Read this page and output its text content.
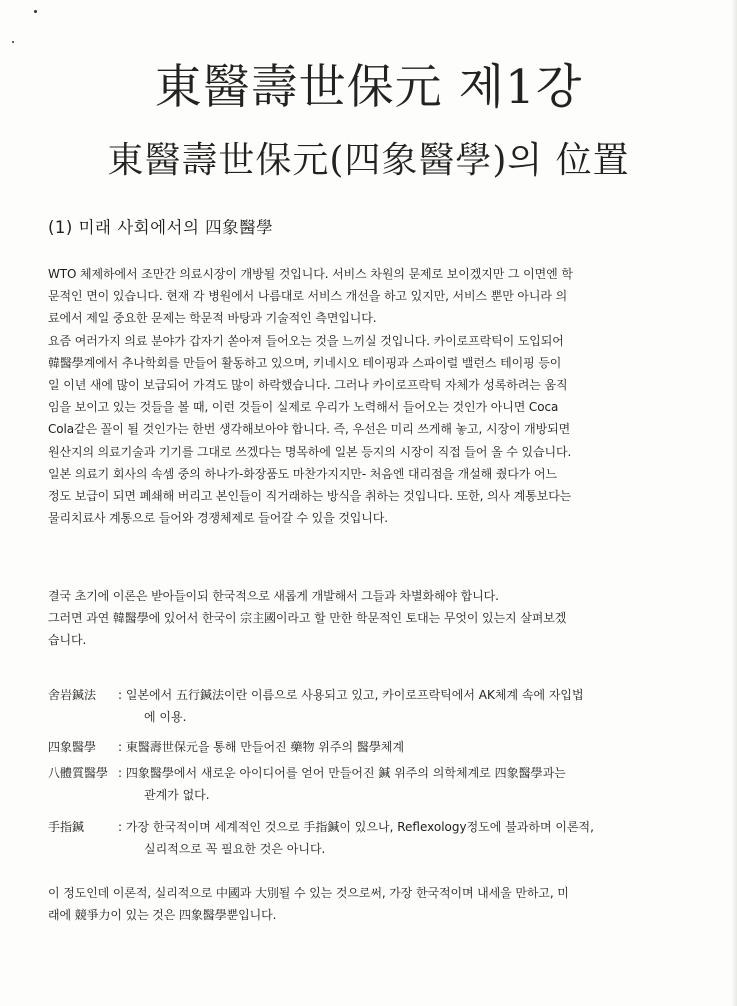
東醫壽世保元 제1강
東醫壽世保元(四象醫學)의 位置
(1) 미래 사회에서의 四象醫學
WTO 체제하에서 조만간 의료시장이 개방될 것입니다. 서비스 차원의 문제로 보이겠지만 그 이면엔 학
문적인 면이 있습니다. 현재 각 병원에서 나름대로 서비스 개선을 하고 있지만, 서비스 뿐만 아니라 의
료에서 제일 중요한 문제는 학문적 바탕과 기술적인 측면입니다.
요즘 여러가지 의료 분야가 갑자기 쏟아져 들어오는 것을 느끼실 것입니다. 카이로프락틱이 도입되어
韓醫學계에서 추나학회를 만들어 활동하고 있으며, 키네시오 테이핑과 스파이럴 밸런스 테이핑 등이
일 이년 새에 많이 보급되어 가격도 많이 하락했습니다. 그러나 카이로프락틱 자체가 성록하려는 움직
임을 보이고 있는 것들을 볼 때, 이런 것들이 실제로 우리가 노력해서 들어오는 것인가 아니면 Coca
Cola같은 꼴이 될 것인가는 한번 생각해보아야 합니다. 즉, 우선은 미리 쓰게해 놓고, 시장이 개방되면
원산지의 의료기술과 기기를 그대로 쓰겠다는 명목하에 일본 등지의 시장이 직접 들어 올 수 있습니다.
일본 의료기 회사의 속셈 중의 하나가-화장품도 마찬가지지만- 처음엔 대리점을 개설해 줬다가 어느
정도 보급이 되면 폐쇄해 버리고 본인들이 직거래하는 방식을 취하는 것입니다. 또한, 의사 계통보다는
물리치료사 계통으로 들어와 경쟁체제로 들어갈 수 있을 것입니다.
결국 초기에 이론은 받아들이되 한국적으로 새롭게 개발해서 그들과 차별화해야 합니다.
그러면 과연 韓醫學에 있어서 한국이 宗主國이라고 할 만한 학문적인 토대는 무엇이 있는지 살펴보겠
습니다.
舍岩鍼法	: 일본에서 五行鍼法이란 이름으로 사용되고 있고, 카이로프락틱에서 AK체계 속에 자입법
에 이용.
四象醫學	: 東醫壽世保元을 통해 만들어진 藥物 위주의 醫學체계
八體質醫學 : 四象醫學에서 새로운 아이디어를 얻어 만들어진 鍼 위주의 의학체계로 四象醫學과는
관계가 없다.
手指鍼	: 가장 한국적이며 세계적인 것으로 手指鍼이 있으나, Reflexology정도에 불과하며 이론적,
실리적으로 꼭 필요한 것은 아니다.
이 정도인데 이론적, 실리적으로 中國과 大別될 수 있는 것으로써, 가장 한국적이며 내세울 만하고, 미
래에 競爭力이 있는 것은 四象醫學뿐입니다.
